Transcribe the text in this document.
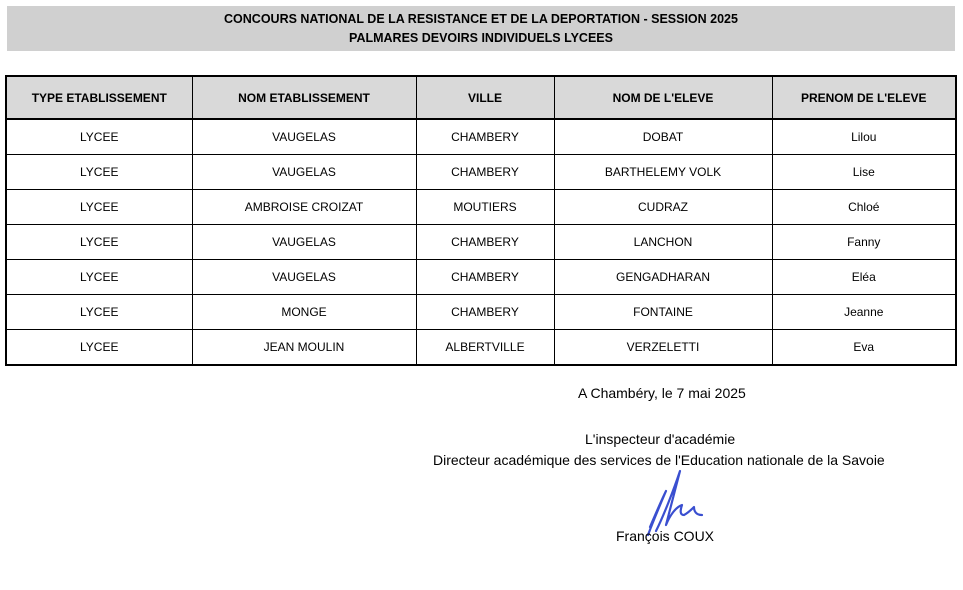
CONCOURS NATIONAL DE LA RESISTANCE ET DE LA DEPORTATION - SESSION 2025
PALMARES DEVOIRS INDIVIDUELS LYCEES
TYPE ETABLISSEMENT	NOM ETABLISSEMENT	VILLE	NOM DE L'ELEVE	PRENOM DE L'ELEVE
LYCEE	VAUGELAS	CHAMBERY	DOBAT	Lilou
LYCEE	VAUGELAS	CHAMBERY	BARTHELEMY VOLK	Lise
LYCEE	AMBROISE CROIZAT	MOUTIERS	CUDRAZ	Chloé
LYCEE	VAUGELAS	CHAMBERY	LANCHON	Fanny
LYCEE	VAUGELAS	CHAMBERY	GENGADHARAN	Eléa
LYCEE	MONGE	CHAMBERY	FONTAINE	Jeanne
LYCEE	JEAN MOULIN	ALBERTVILLE	VERZELETTI	Eva
A Chambéry, le 7 mai 2025
L'inspecteur d'académie
Directeur académique des services de l'Education nationale de la Savoie
François COUX
